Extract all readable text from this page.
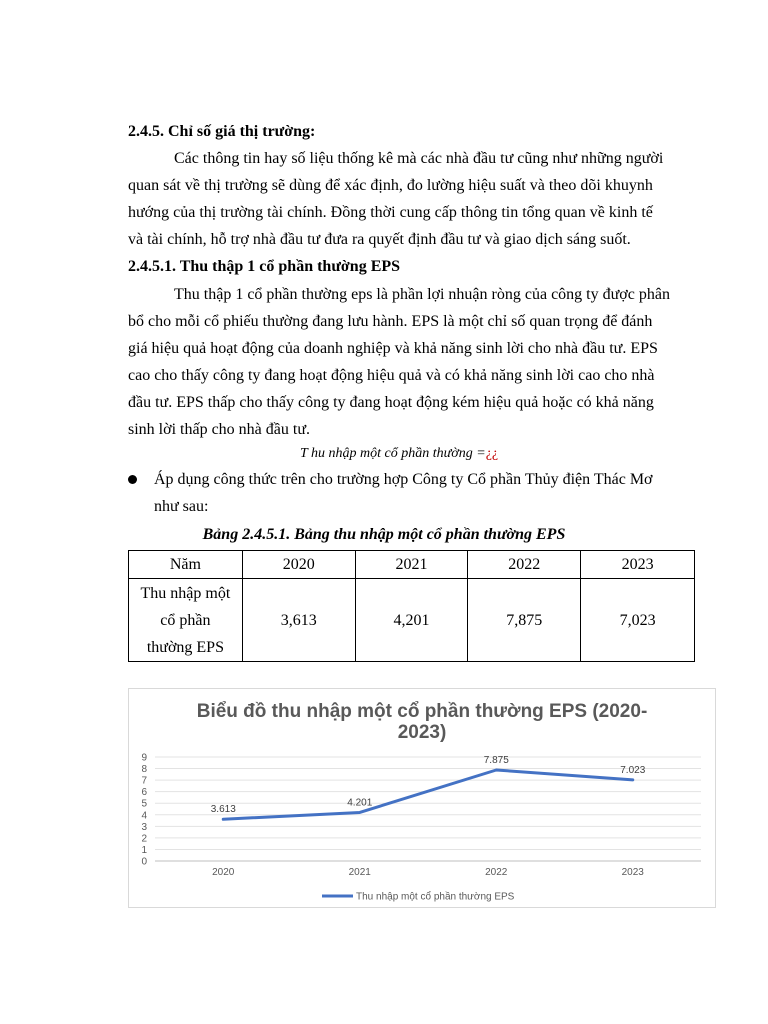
2.4.5. Chỉ số giá thị trường:
Các thông tin hay số liệu thống kê mà các nhà đầu tư cũng như những người
quan sát về thị trường sẽ dùng để xác định, đo lường hiệu suất và theo dõi khuynh
hướng của thị trường tài chính. Đồng thời cung cấp thông tin tổng quan về kinh tế
và tài chính, hỗ trợ nhà đầu tư đưa ra quyết định đầu tư và giao dịch sáng suốt.
2.4.5.1. Thu thập 1 cổ phần thường EPS
Thu thập 1 cổ phần thường eps là phần lợi nhuận ròng của công ty được phân
bổ cho mỗi cổ phiếu thường đang lưu hành. EPS là một chỉ số quan trọng để đánh
giá hiệu quả hoạt động của doanh nghiệp và khả năng sinh lời cho nhà đầu tư. EPS
cao cho thấy công ty đang hoạt động hiệu quả và có khả năng sinh lời cao cho nhà
đầu tư. EPS thấp cho thấy công ty đang hoạt động kém hiệu quả hoặc có khả năng
sinh lời thấp cho nhà đầu tư.
T hu nhập một cổ phần thường =¿¿
Áp dụng công thức trên cho trường hợp Công ty Cổ phần Thủy điện Thác Mơ
như sau:
Bảng 2.4.5.1. Bảng thu nhập một cổ phần thường EPS
Năm	2020	2021	2022	2023

Thu nhập một
cổ phần
thường EPS	3,613	4,201	7,875	7,023
Biểu đồ thu nhập một cổ phần thường EPS (2020-
2023)
0
1
2
3
4
5
6
7
8
9
2020	2021	2022	2023
3.613
4.201
7.875
7.023
Thu nhập một cổ phần thường EPS
